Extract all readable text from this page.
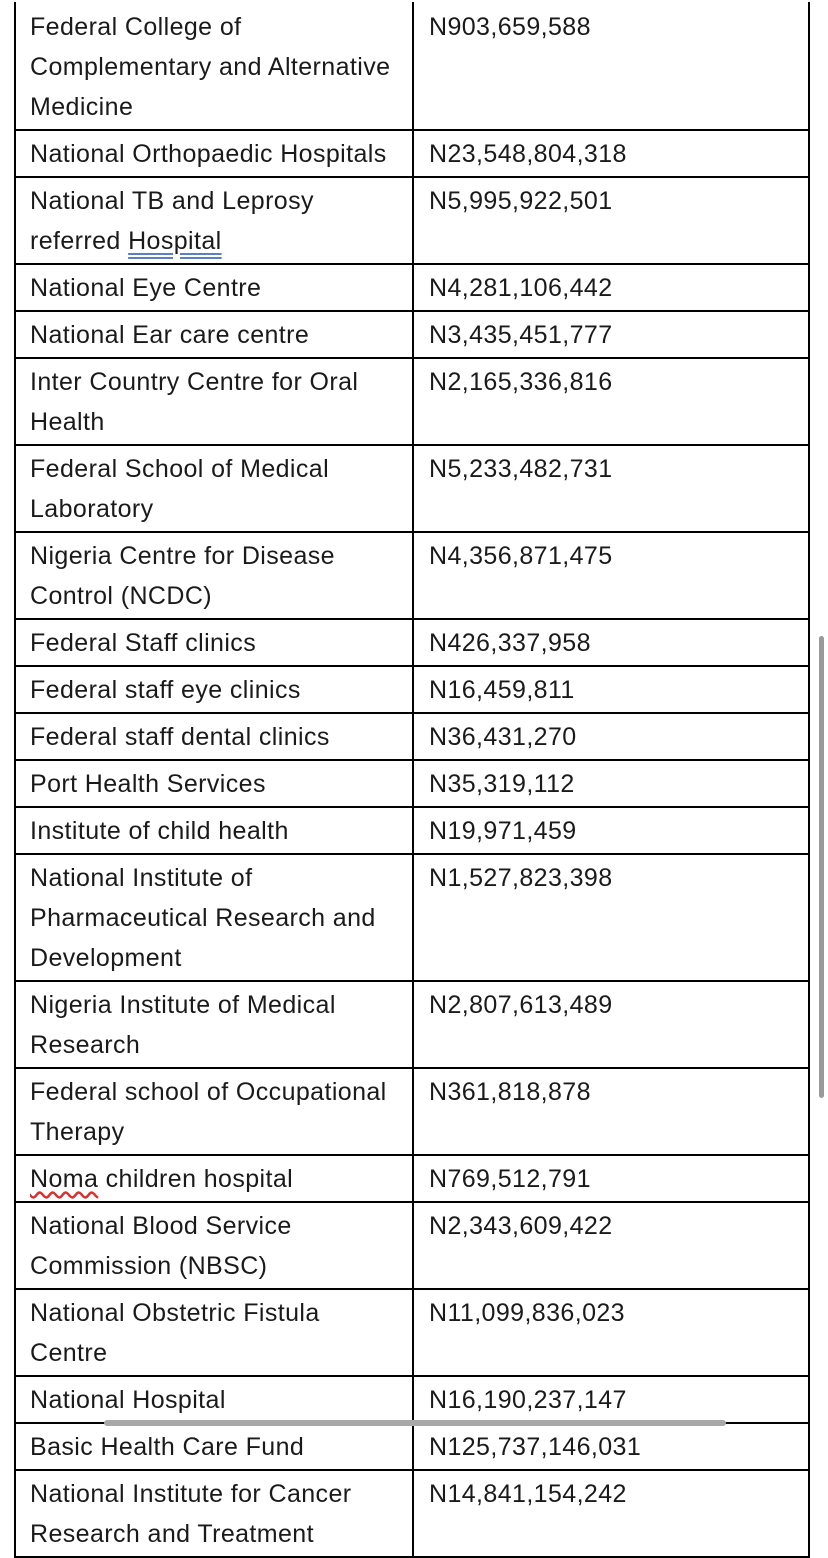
Federal College of Complementary and Alternative Medicine	N903,659,588
National Orthopaedic Hospitals	N23,548,804,318
National TB and Leprosy referred Hospital	N5,995,922,501
National Eye Centre	N4,281,106,442
National Ear care centre	N3,435,451,777
Inter Country Centre for Oral Health	N2,165,336,816
Federal School of Medical Laboratory	N5,233,482,731
Nigeria Centre for Disease Control (NCDC)	N4,356,871,475
Federal Staff clinics	N426,337,958
Federal staff eye clinics	N16,459,811
Federal staff dental clinics	N36,431,270
Port Health Services	N35,319,112
Institute of child health	N19,971,459
National Institute of Pharmaceutical Research and Development	N1,527,823,398
Nigeria Institute of Medical Research	N2,807,613,489
Federal school of Occupational Therapy	N361,818,878
Noma children hospital	N769,512,791
National Blood Service Commission (NBSC)	N2,343,609,422
National Obstetric Fistula Centre	N11,099,836,023
National Hospital	N16,190,237,147
Basic Health Care Fund	N125,737,146,031
National Institute for Cancer Research and Treatment	N14,841,154,242
